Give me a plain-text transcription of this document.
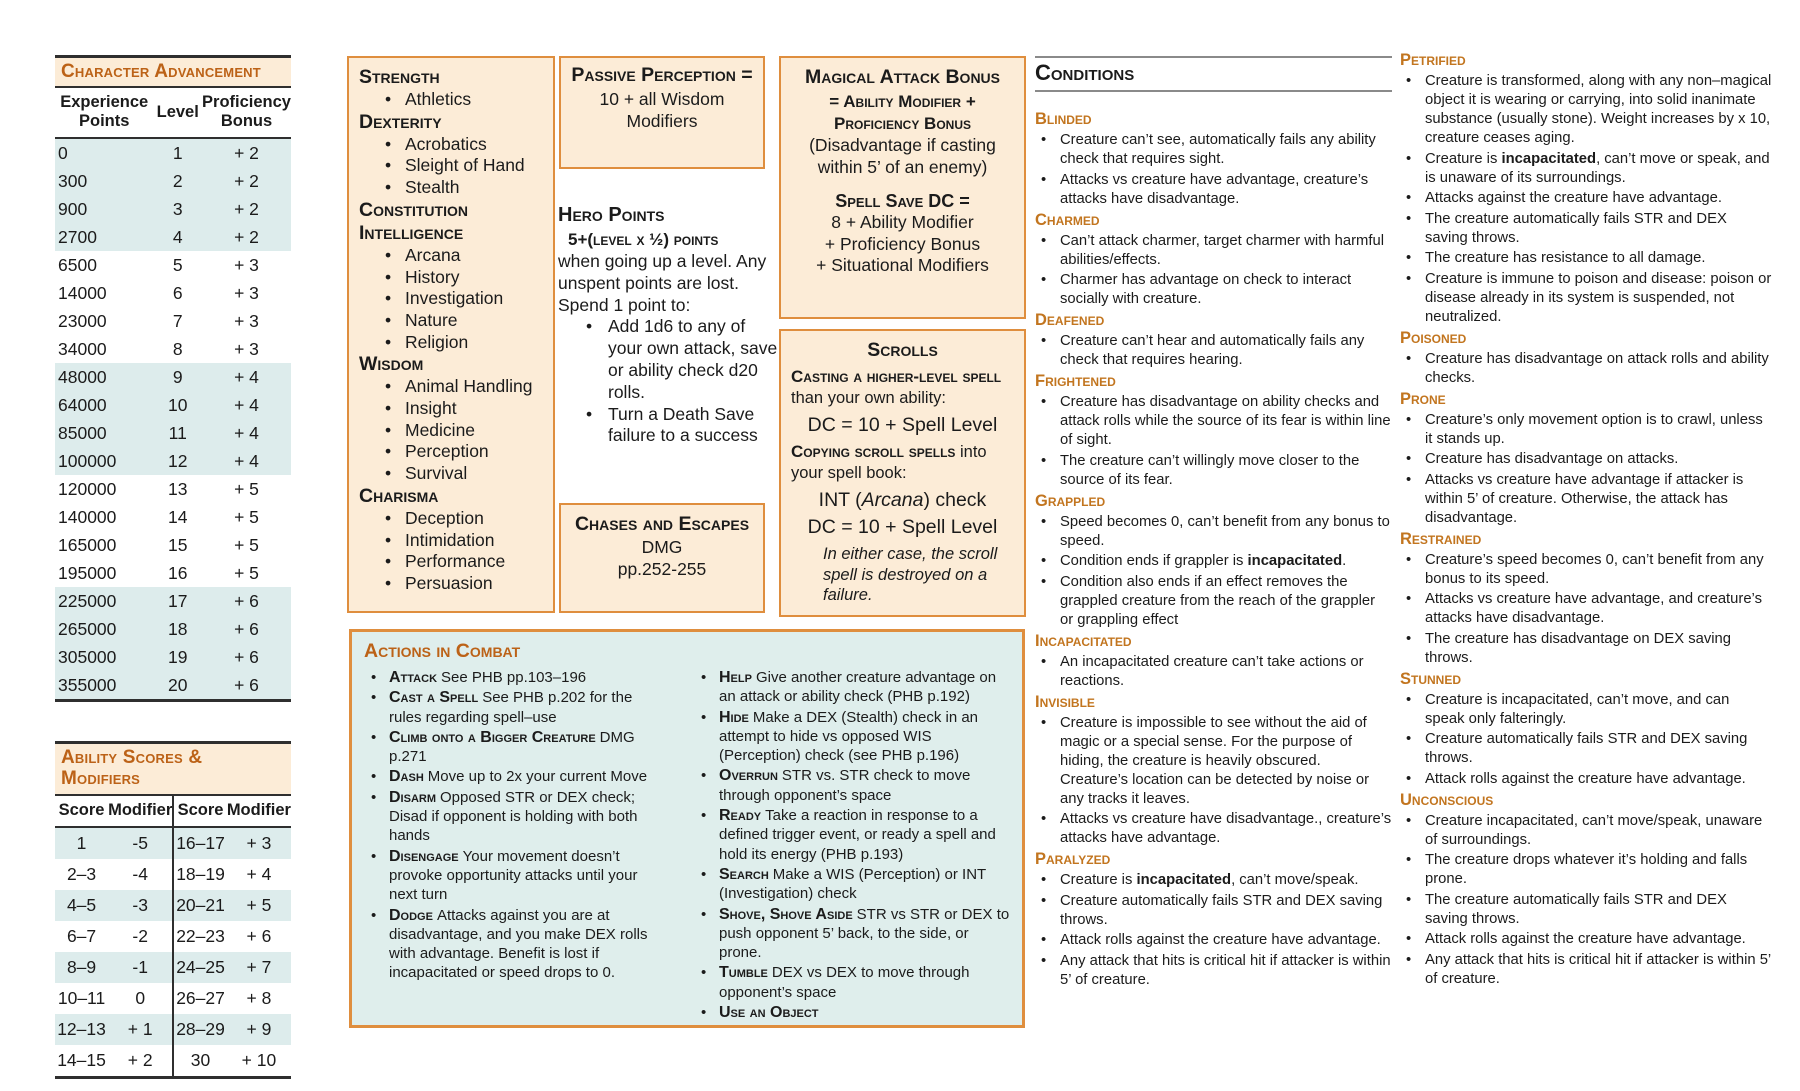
Character Advancement
Experience Points	Level	Proficiency Bonus
0	1	+ 2
300	2	+ 2
900	3	+ 2
2700	4	+ 2
6500	5	+ 3
14000	6	+ 3
23000	7	+ 3
34000	8	+ 3
48000	9	+ 4
64000	10	+ 4
85000	11	+ 4
100000	12	+ 4
120000	13	+ 5
140000	14	+ 5
165000	15	+ 5
195000	16	+ 5
225000	17	+ 6
265000	18	+ 6
305000	19	+ 6
355000	20	+ 6
Ability Scores & Modifiers
Score	Modifier	Score	Modifier
1	-5	16–17	+ 3
2–3	-4	18–19	+ 4
4–5	-3	20–21	+ 5
6–7	-2	22–23	+ 6
8–9	-1	24–25	+ 7
10–11	0	26–27	+ 8
12–13	+ 1	28–29	+ 9
14–15	+ 2	30	+ 10
Strength
• Athletics
Dexterity
• Acrobatics
• Sleight of Hand
• Stealth
Constitution
Intelligence
• Arcana
• History
• Investigation
• Nature
• Religion
Wisdom
• Animal Handling
• Insight
• Medicine
• Perception
• Survival
Charisma
• Deception
• Intimidation
• Performance
• Persuasion
Passive Perception =
10 + all Wisdom Modifiers
Hero Points
5+(level x ½) points
when going up a level. Any unspent points are lost.
Spend 1 point to:
• Add 1d6 to any of your own attack, save or ability check d20 rolls.
• Turn a Death Save failure to a success
Chases and Escapes
DMG
pp.252-255
Magical Attack Bonus
= Ability Modifier + Proficiency Bonus
(Disadvantage if casting within 5’ of an enemy)
Spell Save DC =
8 + Ability Modifier
+ Proficiency Bonus
+ Situational Modifiers
Scrolls
Casting a higher-level spell than your own ability:
DC = 10 + Spell Level
Copying scroll spells into your spell book:
INT (Arcana) check
DC = 10 + Spell Level
In either case, the scroll spell is destroyed on a failure.
Actions in Combat
• Attack See PHB pp.103–196
• Cast a Spell See PHB p.202 for the rules regarding spell–use
• Climb onto a Bigger Creature DMG p.271
• Dash Move up to 2x your current Move
• Disarm Opposed STR or DEX check; Disad if opponent is holding with both hands
• Disengage Your movement doesn’t provoke opportunity attacks until your next turn
• Dodge Attacks against you are at disadvantage, and you make DEX rolls with advantage. Benefit is lost if incapacitated or speed drops to 0.
• Help Give another creature advantage on an attack or ability check (PHB p.192)
• Hide Make a DEX (Stealth) check in an attempt to hide vs opposed WIS (Perception) check (see PHB p.196)
• Overrun STR vs. STR check to move through opponent’s space
• Ready Take a reaction in response to a defined trigger event, or ready a spell and hold its energy (PHB p.193)
• Search Make a WIS (Perception) or INT (Investigation) check
• Shove, Shove Aside STR vs STR or DEX to push opponent 5’ back, to the side, or prone.
• Tumble DEX vs DEX to move through opponent’s space
• Use an Object
Conditions
Blinded
• Creature can’t see, automatically fails any ability check that requires sight.
• Attacks vs creature have advantage, creature’s attacks have disadvantage.
Charmed
• Can’t attack charmer, target charmer with harmful abilities/effects.
• Charmer has advantage on check to interact socially with creature.
Deafened
• Creature can’t hear and automatically fails any check that requires hearing.
Frightened
• Creature has disadvantage on ability checks and attack rolls while the source of its fear is within line of sight.
• The creature can’t willingly move closer to the source of its fear.
Grappled
• Speed becomes 0, can’t benefit from any bonus to speed.
• Condition ends if grappler is incapacitated.
• Condition also ends if an effect removes the grappled creature from the reach of the grappler or grappling effect
Incapacitated
• An incapacitated creature can’t take actions or reactions.
Invisible
• Creature is impossible to see without the aid of magic or a special sense. For the purpose of hiding, the creature is heavily obscured. Creature’s location can be detected by noise or any tracks it leaves.
• Attacks vs creature have disadvantage., creature’s attacks have advantage.
Paralyzed
• Creature is incapacitated, can’t move/speak.
• Creature automatically fails STR and DEX saving throws.
• Attack rolls against the creature have advantage.
• Any attack that hits is critical hit if attacker is within 5’ of creature.
Petrified
• Creature is transformed, along with any non–magical object it is wearing or carrying, into solid inanimate substance (usually stone). Weight increases by x 10, creature ceases aging.
• Creature is incapacitated, can’t move or speak, and is unaware of its surroundings.
• Attacks against the creature have advantage.
• The creature automatically fails STR and DEX saving throws.
• The creature has resistance to all damage.
• Creature is immune to poison and disease: poison or disease already in its system is suspended, not neutralized.
Poisoned
• Creature has disadvantage on attack rolls and ability checks.
Prone
• Creature’s only movement option is to crawl, unless it stands up.
• Creature has disadvantage on attacks.
• Attacks vs creature have advantage if attacker is within 5’ of creature. Otherwise, the attack has disadvantage.
Restrained
• Creature’s speed becomes 0, can’t benefit from any bonus to its speed.
• Attacks vs creature have advantage, and creature’s attacks have disadvantage.
• The creature has disadvantage on DEX saving throws.
Stunned
• Creature is incapacitated, can’t move, and can speak only falteringly.
• Creature automatically fails STR and DEX saving throws.
• Attack rolls against the creature have advantage.
Unconscious
• Creature incapacitated, can’t move/speak, unaware of surroundings.
• The creature drops whatever it’s holding and falls prone.
• The creature automatically fails STR and DEX saving throws.
• Attack rolls against the creature have advantage.
• Any attack that hits is critical hit if attacker is within 5’ of creature.
